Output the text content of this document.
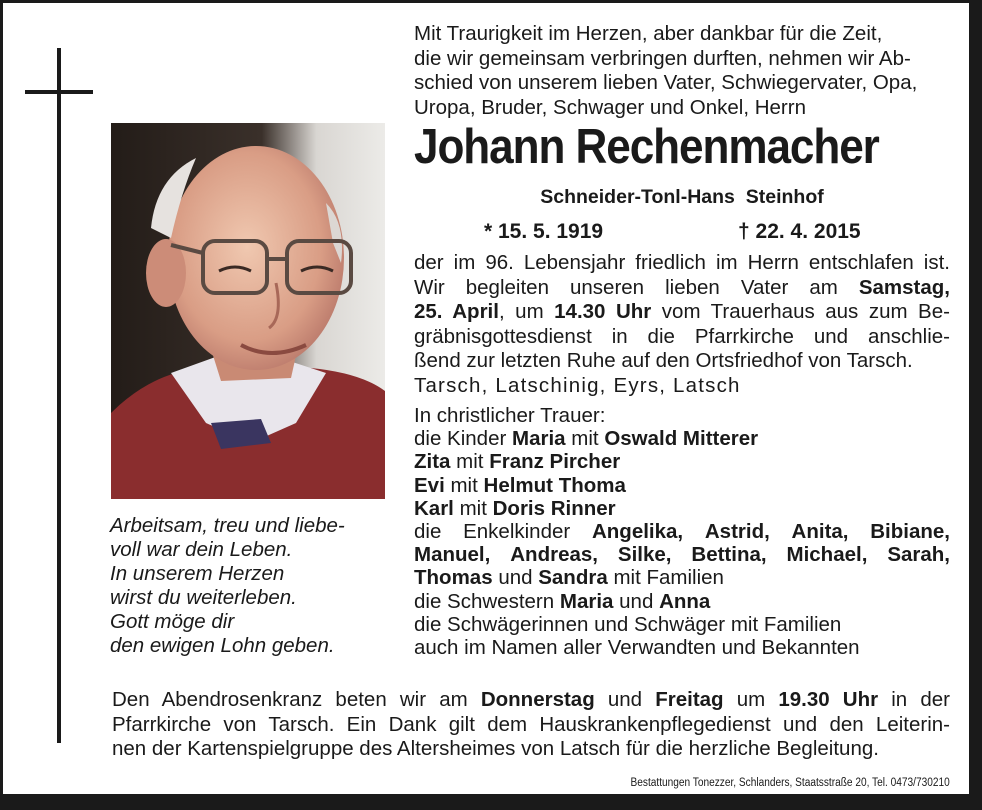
Arbeitsam, treu und liebe-
voll war dein Leben.
In unserem Herzen
wirst du weiterleben.
Gott möge dir
den ewigen Lohn geben.
Mit Traurigkeit im Herzen, aber dankbar für die Zeit,
die wir gemeinsam verbringen durften, nehmen wir Ab-
schied von unserem lieben Vater, Schwiegervater, Opa,
Uropa, Bruder, Schwager und Onkel, Herrn
Johann Rechenmacher
Schneider-Tonl-Hans  Steinhof
* 15. 5. 1919	† 22. 4. 2015
der im 96. Lebensjahr friedlich im Herrn entschlafen ist.
Wir begleiten unseren lieben Vater am Samstag,
25. April, um 14.30 Uhr vom Trauerhaus aus zum Be-
gräbnisgottesdienst in die Pfarrkirche und anschlie-
ßend zur letzten Ruhe auf den Ortsfriedhof von Tarsch.
Tarsch, Latschinig, Eyrs, Latsch
In christlicher Trauer:
die Kinder Maria mit Oswald Mitterer
Zita mit Franz Pircher
Evi mit Helmut Thoma
Karl mit Doris Rinner
die Enkelkinder Angelika, Astrid, Anita, Bibiane,
Manuel, Andreas, Silke, Bettina, Michael, Sarah,
Thomas und Sandra mit Familien
die Schwestern Maria und Anna
die Schwägerinnen und Schwäger mit Familien
auch im Namen aller Verwandten und Bekannten
Den Abendrosenkranz beten wir am Donnerstag und Freitag um 19.30 Uhr in der
Pfarrkirche von Tarsch. Ein Dank gilt dem Hauskrankenpflegedienst und den Leiterin-
nen der Kartenspielgruppe des Altersheimes von Latsch für die herzliche Begleitung.
Bestattungen Tonezzer, Schlanders, Staatsstraße 20, Tel. 0473/730210
